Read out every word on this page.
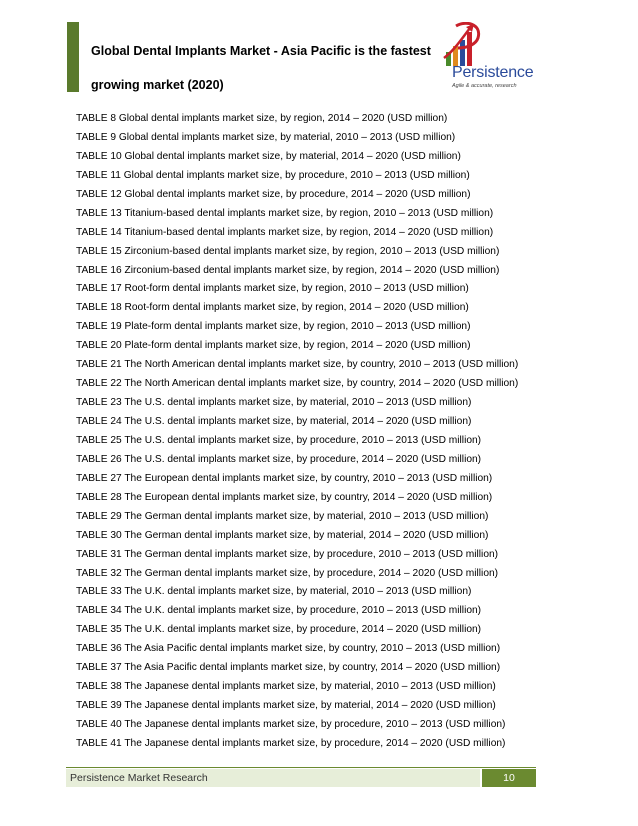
Global Dental Implants Market - Asia Pacific is the fastest
growing market (2020)
Persistence
Agile & accurate, research
TABLE 8 Global dental implants market size, by region, 2014 – 2020 (USD million)
TABLE 9 Global dental implants market size, by material, 2010 – 2013 (USD million)
TABLE 10 Global dental implants market size, by material, 2014 – 2020 (USD million)
TABLE 11 Global dental implants market size, by procedure, 2010 – 2013 (USD million)
TABLE 12 Global dental implants market size, by procedure, 2014 – 2020 (USD million)
TABLE 13 Titanium-based dental implants market size, by region, 2010 – 2013 (USD million)
TABLE 14 Titanium-based dental implants market size, by region, 2014 – 2020 (USD million)
TABLE 15 Zirconium-based dental implants market size, by region, 2010 – 2013 (USD million)
TABLE 16 Zirconium-based dental implants market size, by region, 2014 – 2020 (USD million)
TABLE 17 Root-form dental implants market size, by region, 2010 – 2013 (USD million)
TABLE 18 Root-form dental implants market size, by region, 2014 – 2020 (USD million)
TABLE 19 Plate-form dental implants market size, by region, 2010 – 2013 (USD million)
TABLE 20 Plate-form dental implants market size, by region, 2014 – 2020 (USD million)
TABLE 21 The North American dental implants market size, by country, 2010 – 2013 (USD million)
TABLE 22 The North American dental implants market size, by country, 2014 – 2020 (USD million)
TABLE 23 The U.S. dental implants market size, by material, 2010 – 2013 (USD million)
TABLE 24 The U.S. dental implants market size, by material, 2014 – 2020 (USD million)
TABLE 25 The U.S. dental implants market size, by procedure, 2010 – 2013 (USD million)
TABLE 26 The U.S. dental implants market size, by procedure, 2014 – 2020 (USD million)
TABLE 27 The European dental implants market size, by country, 2010 – 2013 (USD million)
TABLE 28 The European dental implants market size, by country, 2014 – 2020 (USD million)
TABLE 29 The German dental implants market size, by material, 2010 – 2013 (USD million)
TABLE 30 The German dental implants market size, by material, 2014 – 2020 (USD million)
TABLE 31 The German dental implants market size, by procedure, 2010 – 2013 (USD million)
TABLE 32 The German dental implants market size, by procedure, 2014 – 2020 (USD million)
TABLE 33 The U.K. dental implants market size, by material, 2010 – 2013 (USD million)
TABLE 34 The U.K. dental implants market size, by procedure, 2010 – 2013 (USD million)
TABLE 35 The U.K. dental implants market size, by procedure, 2014 – 2020 (USD million)
TABLE 36 The Asia Pacific dental implants market size, by country, 2010 – 2013 (USD million)
TABLE 37 The Asia Pacific dental implants market size, by country, 2014 – 2020 (USD million)
TABLE 38 The Japanese dental implants market size, by material, 2010 – 2013 (USD million)
TABLE 39 The Japanese dental implants market size, by material, 2014 – 2020 (USD million)
TABLE 40 The Japanese dental implants market size, by procedure, 2010 – 2013 (USD million)
TABLE 41 The Japanese dental implants market size, by procedure, 2014 – 2020 (USD million)
Persistence Market Research	10
